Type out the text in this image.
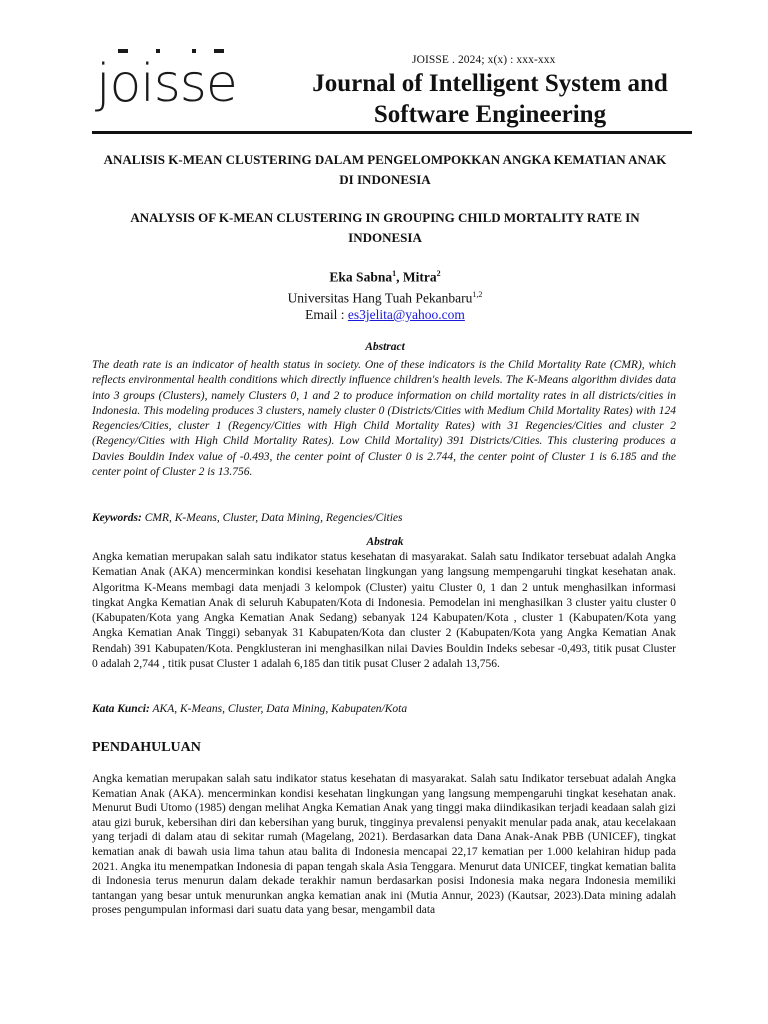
joisse	JOISSE . 2024; x(x) : xxx-xxx
Journal of Intelligent System and Software Engineering
ANALISIS K-MEAN CLUSTERING DALAM PENGELOMPOKKAN ANGKA KEMATIAN ANAK DI INDONESIA
ANALYSIS OF K-MEAN CLUSTERING IN GROUPING CHILD MORTALITY RATE IN INDONESIA
Eka Sabna$^1$, Mitra$^2$
Universitas Hang Tuah Pekanbaru$^{1,2}$
Email : es3jelita@yahoo.com
Abstract
The death rate is an indicator of health status in society. One of these indicators is the Child Mortality Rate (CMR), which reflects environmental health conditions which directly influence children's health levels. The K-Means algorithm divides data into 3 groups (Clusters), namely Clusters 0, 1 and 2 to produce information on child mortality rates in all districts/cities in Indonesia. This modeling produces 3 clusters, namely cluster 0 (Districts/Cities with Medium Child Mortality Rates) with 124 Regencies/Cities, cluster 1 (Regency/Cities with High Child Mortality Rates) with 31 Regencies/Cities and cluster 2 (Regency/Cities with High Child Mortality Rates). Low Child Mortality) 391 Districts/Cities. This clustering produces a Davies Bouldin Index value of -0.493, the center point of Cluster 0 is 2.744, the center point of Cluster 1 is 6.185 and the center point of Cluster 2 is 13.756.
Keywords: CMR, K-Means, Cluster, Data Mining, Regencies/Cities
Abstrak
Angka kematian merupakan salah satu indikator status kesehatan di masyarakat. Salah satu Indikator tersebuat adalah Angka Kematian Anak (AKA) mencerminkan kondisi kesehatan lingkungan yang langsung mempengaruhi tingkat kesehatan anak. Algoritma K-Means membagi data menjadi 3 kelompok (Cluster) yaitu Cluster 0, 1 dan 2 untuk menghasilkan informasi tingkat Angka Kematian Anak di seluruh Kabupaten/Kota di Indonesia. Pemodelan ini menghasilkan 3 cluster yaitu cluster 0 (Kabupaten/Kota yang Angka Kematian Anak Sedang) sebanyak 124 Kabupaten/Kota , cluster 1 (Kabupaten/Kota yang Angka Kematian Anak Tinggi) sebanyak 31 Kabupaten/Kota dan cluster 2 (Kabupaten/Kota yang Angka Kematian Anak Rendah) 391 Kabupaten/Kota. Pengklusteran ini menghasilkan nilai Davies Bouldin Indeks sebesar -0,493, titik pusat Cluster 0 adalah 2,744 , titik pusat Cluster 1 adalah 6,185 dan titik pusat Cluser 2 adalah 13,756.
Kata Kunci: AKA, K-Means, Cluster, Data Mining, Kabupaten/Kota
PENDAHULUAN
Angka kematian merupakan salah satu indikator status kesehatan di masyarakat. Salah satu Indikator tersebuat adalah Angka Kematian Anak (AKA). mencerminkan kondisi kesehatan lingkungan yang langsung mempengaruhi tingkat kesehatan anak. Menurut Budi Utomo (1985) dengan melihat Angka Kematian Anak yang tinggi maka diindikasikan terjadi keadaan salah gizi atau gizi buruk, kebersihan diri dan kebersihan yang buruk, tingginya prevalensi penyakit menular pada anak, atau kecelakaan yang terjadi di dalam atau di sekitar rumah (Magelang, 2021). Berdasarkan data Dana Anak-Anak PBB (UNICEF), tingkat kematian anak di bawah usia lima tahun atau balita di Indonesia mencapai 22,17 kematian per 1.000 kelahiran hidup pada 2021. Angka itu menempatkan Indonesia di papan tengah skala Asia Tenggara. Menurut data UNICEF, tingkat kematian balita di Indonesia terus menurun dalam dekade terakhir namun berdasarkan posisi Indonesia maka negara Indonesia memiliki tantangan yang besar untuk menurunkan angka kematian anak ini (Mutia Annur, 2023) (Kautsar, 2023).Data mining adalah proses pengumpulan informasi dari suatu data yang besar, mengambil data
